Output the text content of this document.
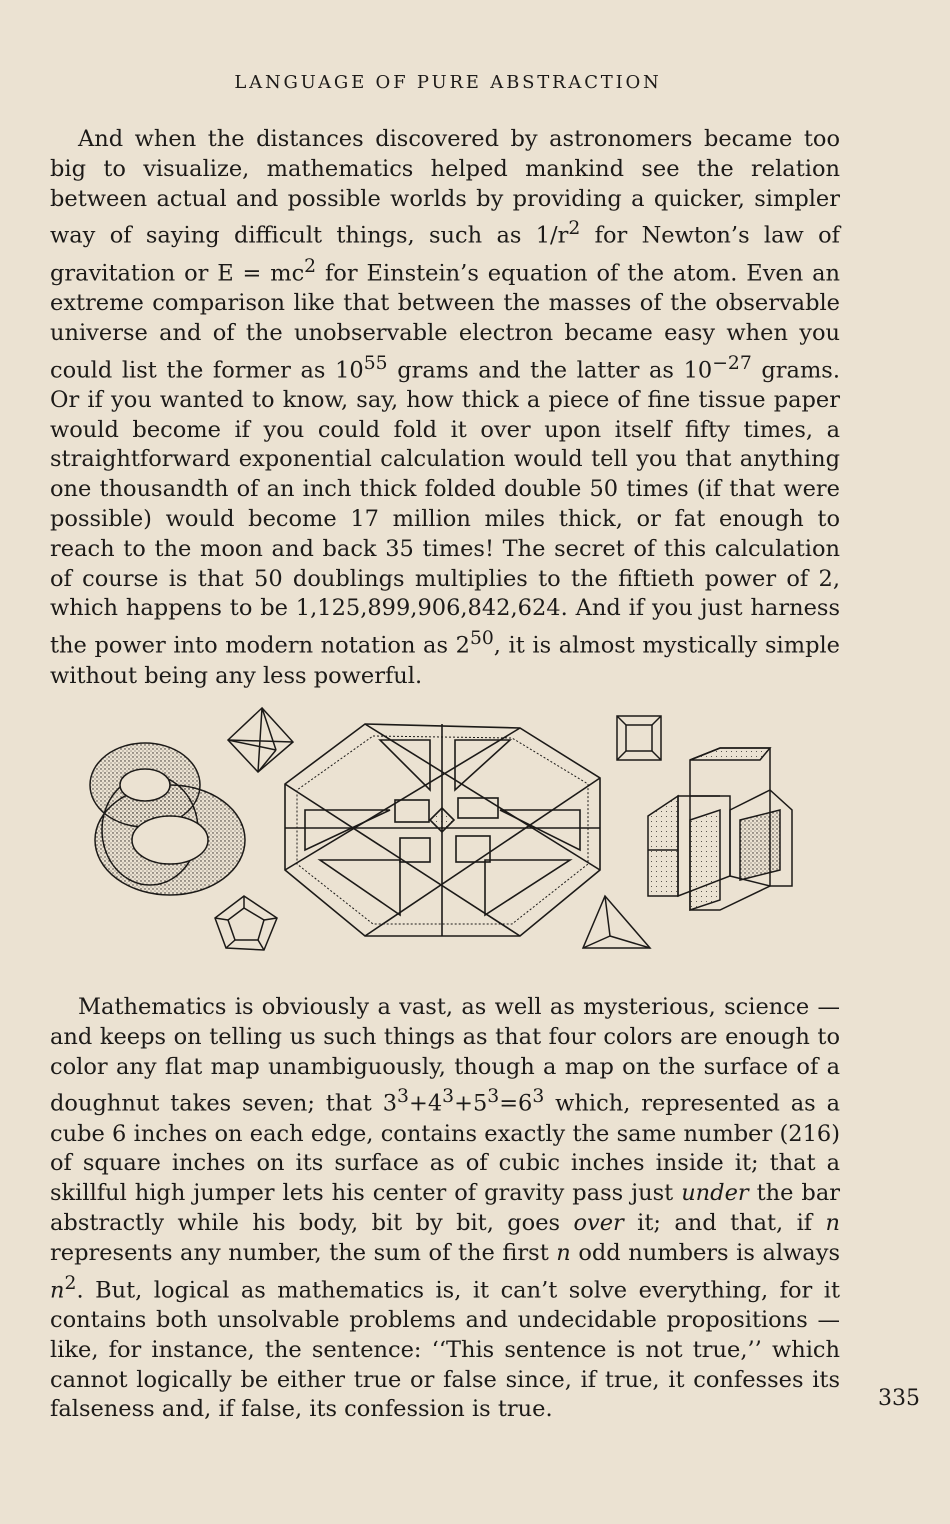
LANGUAGE OF PURE ABSTRACTION

And when the distances discovered by astronomers became too big to visualize, mathematics helped mankind see the relation between actual and possible worlds by providing a quicker, simpler way of saying difficult things, such as $1/r^2$ for Newton’s law of gravitation or $E = mc^2$ for Einstein’s equation of the atom. Even an extreme comparison like that between the masses of the observable universe and of the unobservable electron became easy when you could list the former as $10^{55}$ grams and the latter as $10^{-27}$ grams. Or if you wanted to know, say, how thick a piece of fine tissue paper would become if you could fold it over upon itself fifty times, a straightforward exponential calculation would tell you that anything one thousandth of an inch thick folded double 50 times (if that were possible) would become 17 million miles thick, or fat enough to reach to the moon and back 35 times! The secret of this calculation of course is that 50 doublings multiplies to the fiftieth power of 2, which happens to be 1,125,899,906,842,624. And if you just harness the power into modern notation as $2^{50}$, it is almost mystically simple without being any less powerful.

Mathematics is obviously a vast, as well as mysterious, science — and keeps on telling us such things as that four colors are enough to color any flat map unambiguously, though a map on the surface of a doughnut takes seven; that $3^3+4^3+5^3=6^3$ which, represented as a cube 6 inches on each edge, contains exactly the same number (216) of square inches on its surface as of cubic inches inside it; that a skillful high jumper lets his center of gravity pass just under the bar abstractly while his body, bit by bit, goes over it; and that, if n represents any number, the sum of the first n odd numbers is always $n^2$. But, logical as mathematics is, it can’t solve everything, for it contains both unsolvable problems and undecidable propositions — like, for instance, the sentence: ‘‘This sentence is not true,’’ which cannot logically be either true or false since, if true, it confesses its falseness and, if false, its confession is true.	335
